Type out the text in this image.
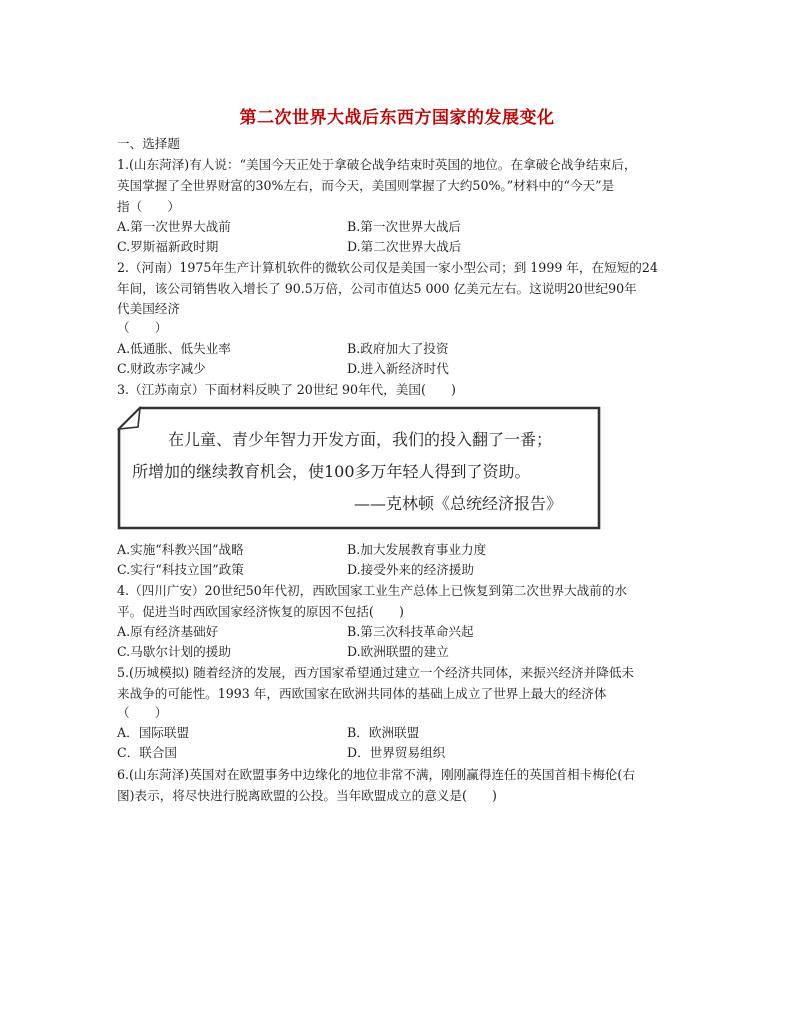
第二次世界大战后东西方国家的发展变化
一、选择题
1.(山东菏泽)有人说：“美国今天正处于拿破仑战争结束时英国的地位。在拿破仑战争结束后，
英国掌握了全世界财富的30%左右，而今天，美国则掌握了大约50%。”材料中的“今天”是
指（　　）
A.第一次世界大战前	B.第一次世界大战后
C.罗斯福新政时期	D.第二次世界大战后
2.（河南）1975年生产计算机软件的微软公司仅是美国一家小型公司；到 1999 年，在短短的24
年间，该公司销售收入增长了 90.5万倍，公司市值达5 000 亿美元左右。这说明20世纪90年
代美国经济
（　　）
A.低通胀、低失业率	B.政府加大了投资
C.财政赤字减少	D.进入新经济时代
3.（江苏南京）下面材料反映了 20世纪 90年代，美国(　　)
在儿童、青少年智力开发方面，我们的投入翻了一番；
所增加的继续教育机会，使100多万年轻人得到了资助。
——克林顿《总统经济报告》
A.实施“科教兴国”战略	B.加大发展教育事业力度
C.实行“科技立国”政策	D.接受外来的经济援助
4.（四川广安）20世纪50年代初，西欧国家工业生产总体上已恢复到第二次世界大战前的水
平。促进当时西欧国家经济恢复的原因不包括(　　)
A.原有经济基础好	B.第三次科技革命兴起
C.马歇尔计划的援助	D.欧洲联盟的建立
5.(历城模拟) 随着经济的发展，西方国家希望通过建立一个经济共同体，来振兴经济并降低未
来战争的可能性。1993 年，西欧国家在欧洲共同体的基础上成立了世界上最大的经济体
（　　）
A．国际联盟	B．欧洲联盟
C．联合国	D．世界贸易组织
6.(山东菏泽)英国对在欧盟事务中边缘化的地位非常不满，刚刚赢得连任的英国首相卡梅伦(右
图)表示，将尽快进行脱离欧盟的公投。当年欧盟成立的意义是(　　)
